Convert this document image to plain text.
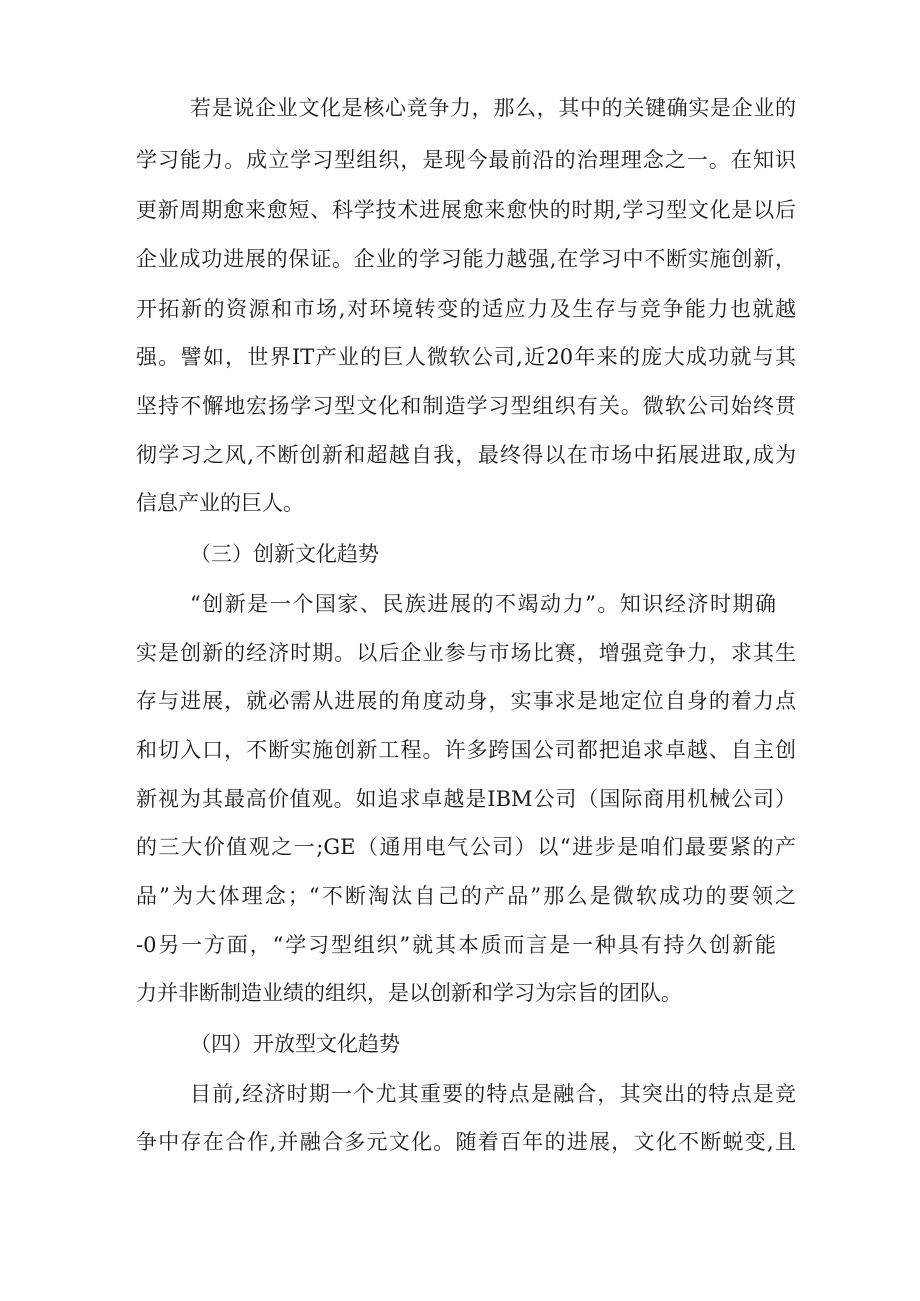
若是说企业文化是核心竞争力，那么，其中的关键确实是企业的
学习能力。成立学习型组织，是现今最前沿的治理理念之一。在知识
更新周期愈来愈短、科学技术进展愈来愈快的时期,学习型文化是以后
企业成功进展的保证。企业的学习能力越强,在学习中不断实施创新，
开拓新的资源和市场,对环境转变的适应力及生存与竞争能力也就越
强。譬如，世界IT产业的巨人微软公司,近20年来的庞大成功就与其
坚持不懈地宏扬学习型文化和制造学习型组织有关。微软公司始终贯
彻学习之风,不断创新和超越自我，最终得以在市场中拓展进取,成为
信息产业的巨人。
（三）创新文化趋势
“创新是一个国家、民族进展的不竭动力”。知识经济时期确
实是创新的经济时期。以后企业参与市场比赛，增强竞争力，求其生
存与进展，就必需从进展的角度动身，实事求是地定位自身的着力点
和切入口，不断实施创新工程。许多跨国公司都把追求卓越、自主创
新视为其最高价值观。如追求卓越是IBM公司（国际商用机械公司）
的三大价值观之一;GE（通用电气公司）以“进步是咱们最要紧的产
品”为大体理念；“不断淘汰自己的产品”那么是微软成功的要领之
-0另一方面，“学习型组织”就其本质而言是一种具有持久创新能
力并非断制造业绩的组织，是以创新和学习为宗旨的团队。
（四）开放型文化趋势
目前,经济时期一个尤其重要的特点是融合，其突出的特点是竞
争中存在合作,并融合多元文化。随着百年的进展，文化不断蜕变,且
